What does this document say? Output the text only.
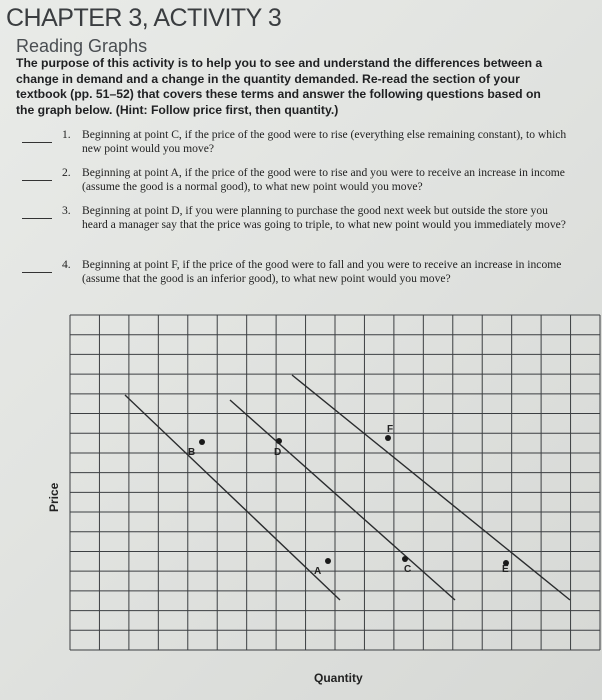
CHAPTER 3, ACTIVITY 3
Reading Graphs
The purpose of this activity is to help you to see and understand the differences between a change in demand and a change in the quantity demanded. Re-read the section of your textbook (pp. 51–52) that covers these terms and answer the following questions based on the graph below. (Hint: Follow price first, then quantity.)
1. Beginning at point C, if the price of the good were to rise (everything else remaining constant), to which new point would you move?
2. Beginning at point A, if the price of the good were to rise and you were to receive an increase in income (assume the good is a normal good), to what new point would you move?
3. Beginning at point D, if you were planning to purchase the good next week but outside the store you heard a manager say that the price was going to triple, to what new point would you immediately move?
4. Beginning at point F, if the price of the good were to fall and you were to receive an increase in income (assume that the good is an inferior good), to what new point would you move?
A
B
C
D
E
F
Price
Quantity
